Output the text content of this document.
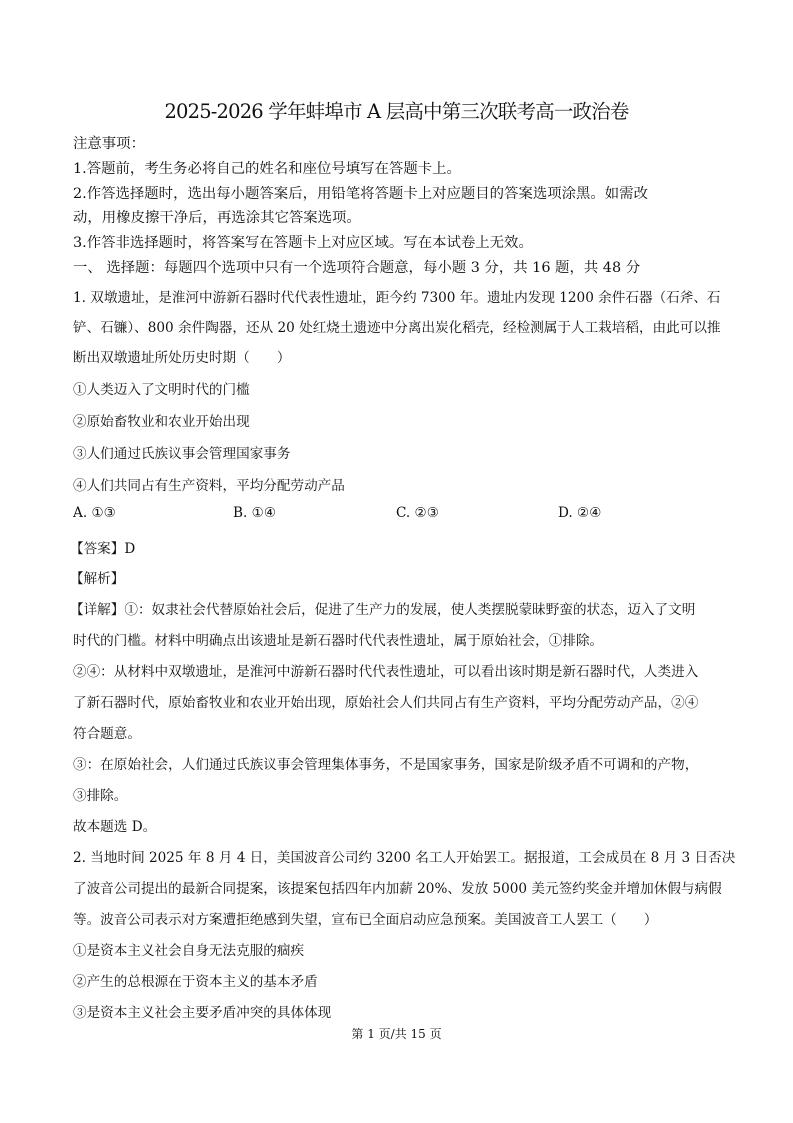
2025-2026 学年蚌埠市 A 层高中第三次联考高一政治卷
注意事项：
1.答题前，考生务必将自己的姓名和座位号填写在答题卡上。
2.作答选择题时，选出每小题答案后，用铅笔将答题卡上对应题目的答案选项涂黑。如需改
动，用橡皮擦干净后，再选涂其它答案选项。
3.作答非选择题时，将答案写在答题卡上对应区域。写在本试卷上无效。
一、 选择题：每题四个选项中只有一个选项符合题意，每小题 3 分，共 16 题，共 48 分
1. 双墩遗址，是淮河中游新石器时代代表性遗址，距今约 7300 年。遗址内发现 1200 余件石器（石斧、石
铲、石镰）、800 余件陶器，还从 20 处红烧土遗迹中分离出炭化稻壳，经检测属于人工栽培稻，由此可以推
断出双墩遗址所处历史时期（　　）
①人类迈入了文明时代的门槛
②原始畜牧业和农业开始出现
③人们通过氏族议事会管理国家事务
④人们共同占有生产资料，平均分配劳动产品
A. ①③	B. ①④	C. ②③	D. ②④
【答案】D
【解析】
【详解】①：奴隶社会代替原始社会后，促进了生产力的发展，使人类摆脱蒙昧野蛮的状态，迈入了文明
时代的门槛。材料中明确点出该遗址是新石器时代代表性遗址，属于原始社会，①排除。
②④：从材料中双墩遗址，是淮河中游新石器时代代表性遗址，可以看出该时期是新石器时代，人类进入
了新石器时代，原始畜牧业和农业开始出现，原始社会人们共同占有生产资料，平均分配劳动产品，②④
符合题意。
③：在原始社会，人们通过氏族议事会管理集体事务，不是国家事务，国家是阶级矛盾不可调和的产物，
③排除。
故本题选 D。
2. 当地时间 2025 年 8 月 4 日，美国波音公司约 3200 名工人开始罢工。据报道，工会成员在 8 月 3 日否决
了波音公司提出的最新合同提案，该提案包括四年内加薪 20%、发放 5000 美元签约奖金并增加休假与病假
等。波音公司表示对方案遭拒绝感到失望，宣布已全面启动应急预案。美国波音工人罢工（　　）
①是资本主义社会自身无法克服的痼疾
②产生的总根源在于资本主义的基本矛盾
③是资本主义社会主要矛盾冲突的具体体现
第 1 页/共 15 页
